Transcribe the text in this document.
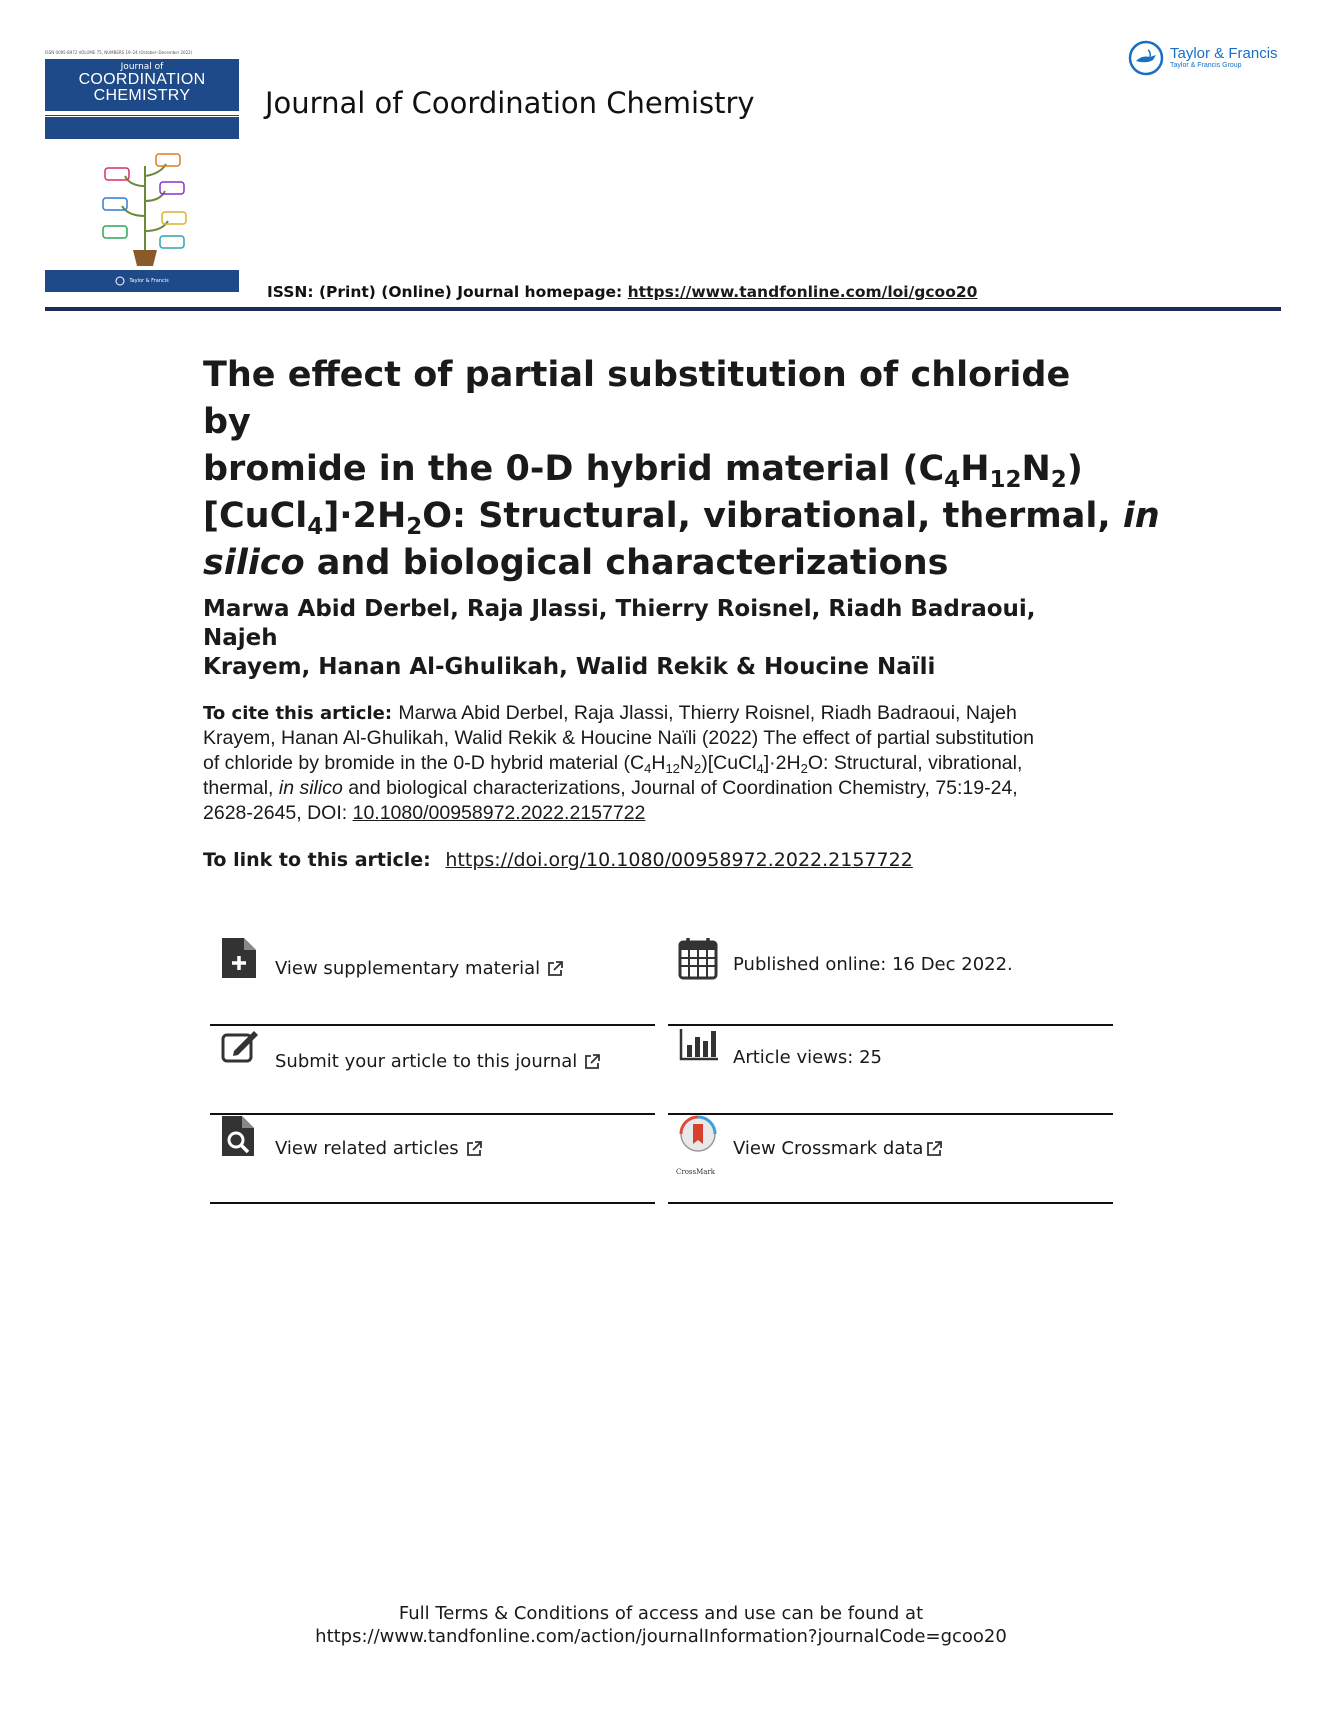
ISSN 0095-8972 VOLUME 75, NUMBERS 19–24 (October–December 2022)
Journal of
COORDINATION
CHEMISTRY
Taylor & Francis
Journal of Coordination Chemistry
Taylor & Francis
Taylor & Francis Group
ISSN: (Print) (Online) Journal homepage: https://www.tandfonline.com/loi/gcoo20
The effect of partial substitution of chloride by
bromide in the 0-D hybrid material $(C_4H_{12}N_2)$
$[CuCl_4]\cdot 2H_2O$: Structural, vibrational, thermal, in
silico and biological characterizations
Marwa Abid Derbel, Raja Jlassi, Thierry Roisnel, Riadh Badraoui, Najeh
Krayem, Hanan Al-Ghulikah, Walid Rekik & Houcine Naïli
To cite this article: Marwa Abid Derbel, Raja Jlassi, Thierry Roisnel, Riadh Badraoui, Najeh
Krayem, Hanan Al-Ghulikah, Walid Rekik & Houcine Naïli (2022) The effect of partial substitution
of chloride by bromide in the 0-D hybrid material $(C_4H_{12}N_2)[CuCl_4]\cdot 2H_2O$: Structural, vibrational,
thermal, in silico and biological characterizations, Journal of Coordination Chemistry, 75:19-24,
2628-2645, DOI: 10.1080/00958972.2022.2157722
To link to this article: https://doi.org/10.1080/00958972.2022.2157722
View supplementary material
Submit your article to this journal
View related articles
Published online: 16 Dec 2022.
Article views: 25
CrossMark
View Crossmark data
Full Terms & Conditions of access and use can be found at
https://www.tandfonline.com/action/journalInformation?journalCode=gcoo20
